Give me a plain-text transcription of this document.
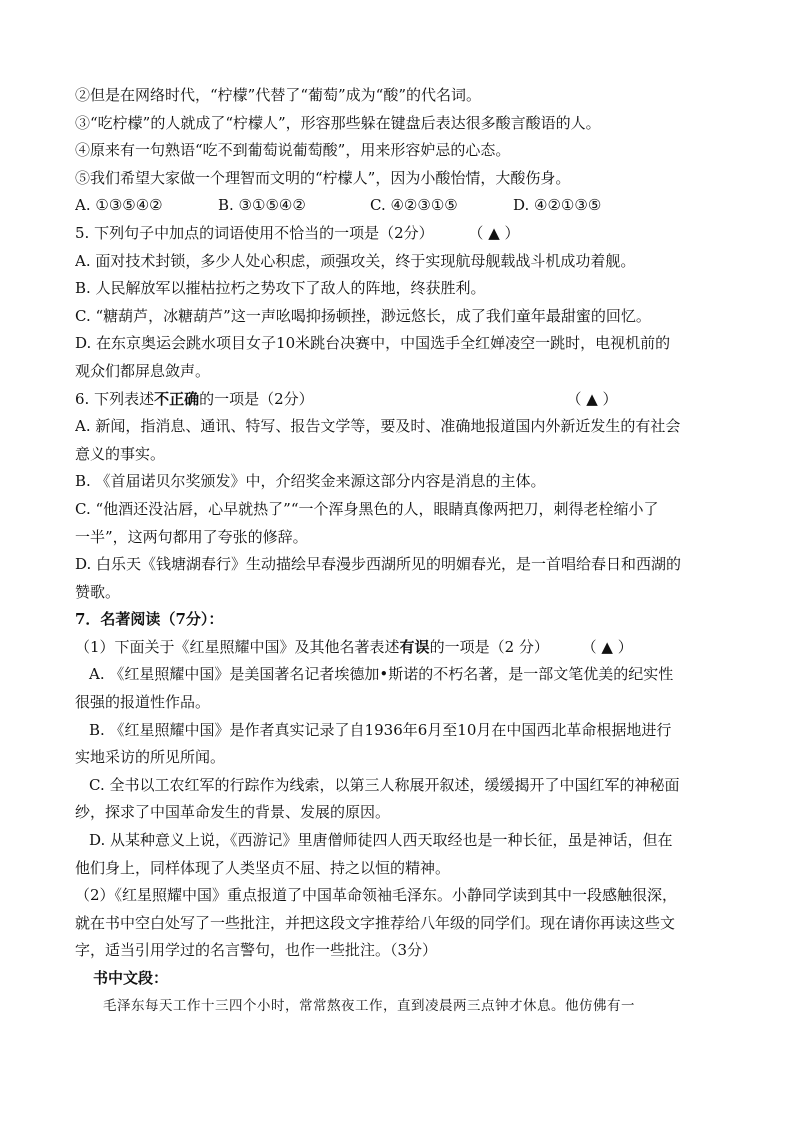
②但是在网络时代，“柠檬”代替了“葡萄”成为“酸”的代名词。
③“吃柠檬”的人就成了“柠檬人”，形容那些躲在键盘后表达很多酸言酸语的人。
④原来有一句熟语“吃不到葡萄说葡萄酸”，用来形容妒忌的心态。
⑤我们希望大家做一个理智而文明的“柠檬人”，因为小酸怡情，大酸伤身。
A. ①③⑤④②	B. ③①⑤④②	C. ④②③①⑤	D. ④②①③⑤
5. 下列句子中加点的词语使用不恰当的一项是（2分） （ ▲ ）
A. 面对技术封锁，多少人处心积虑，顽强攻关，终于实现航母舰载战斗机成功着舰。
B. 人民解放军以摧枯拉朽之势攻下了敌人的阵地，终获胜利。
C. “糖葫芦，冰糖葫芦”这一声吆喝抑扬顿挫，渺远悠长，成了我们童年最甜蜜的回忆。
D. 在东京奥运会跳水项目女子10米跳台决赛中，中国选手全红婵凌空一跳时，电视机前的
观众们都屏息敛声。
6. 下列表述不正确的一项是（2分）	（ ▲ ）
A. 新闻，指消息、通讯、特写、报告文学等，要及时、准确地报道国内外新近发生的有社会
意义的事实。
B. 《首届诺贝尔奖颁发》中，介绍奖金来源这部分内容是消息的主体。
C. “他酒还没沾唇，心早就热了”“一个浑身黑色的人，眼睛真像两把刀，刺得老栓缩小了
一半”，这两句都用了夸张的修辞。
D. 白乐天《钱塘湖春行》生动描绘早春漫步西湖所见的明媚春光，是一首唱给春日和西湖的
赞歌。
7．名著阅读（7分）：
（1）下面关于《红星照耀中国》及其他名著表述有误的一项是（2 分） （ ▲ ）
A. 《红星照耀中国》是美国著名记者埃德加•斯诺的不朽名著，是一部文笔优美的纪实性
很强的报道性作品。
B. 《红星照耀中国》是作者真实记录了自1936年6月至10月在中国西北革命根据地进行
实地采访的所见所闻。
C. 全书以工农红军的行踪作为线索，以第三人称展开叙述，缓缓揭开了中国红军的神秘面
纱，探求了中国革命发生的背景、发展的原因。
D. 从某种意义上说，《西游记》里唐僧师徒四人西天取经也是一种长征，虽是神话，但在
他们身上，同样体现了人类坚贞不屈、持之以恒的精神。
（2）《红星照耀中国》重点报道了中国革命领袖毛泽东。小静同学读到其中一段感触很深，
就在书中空白处写了一些批注，并把这段文字推荐给八年级的同学们。现在请你再读这些文
字，适当引用学过的名言警句，也作一些批注。（3分）
书中文段：
毛泽东每天工作十三四个小时，常常熬夜工作，直到凌晨两三点钟才休息。他仿佛有一
